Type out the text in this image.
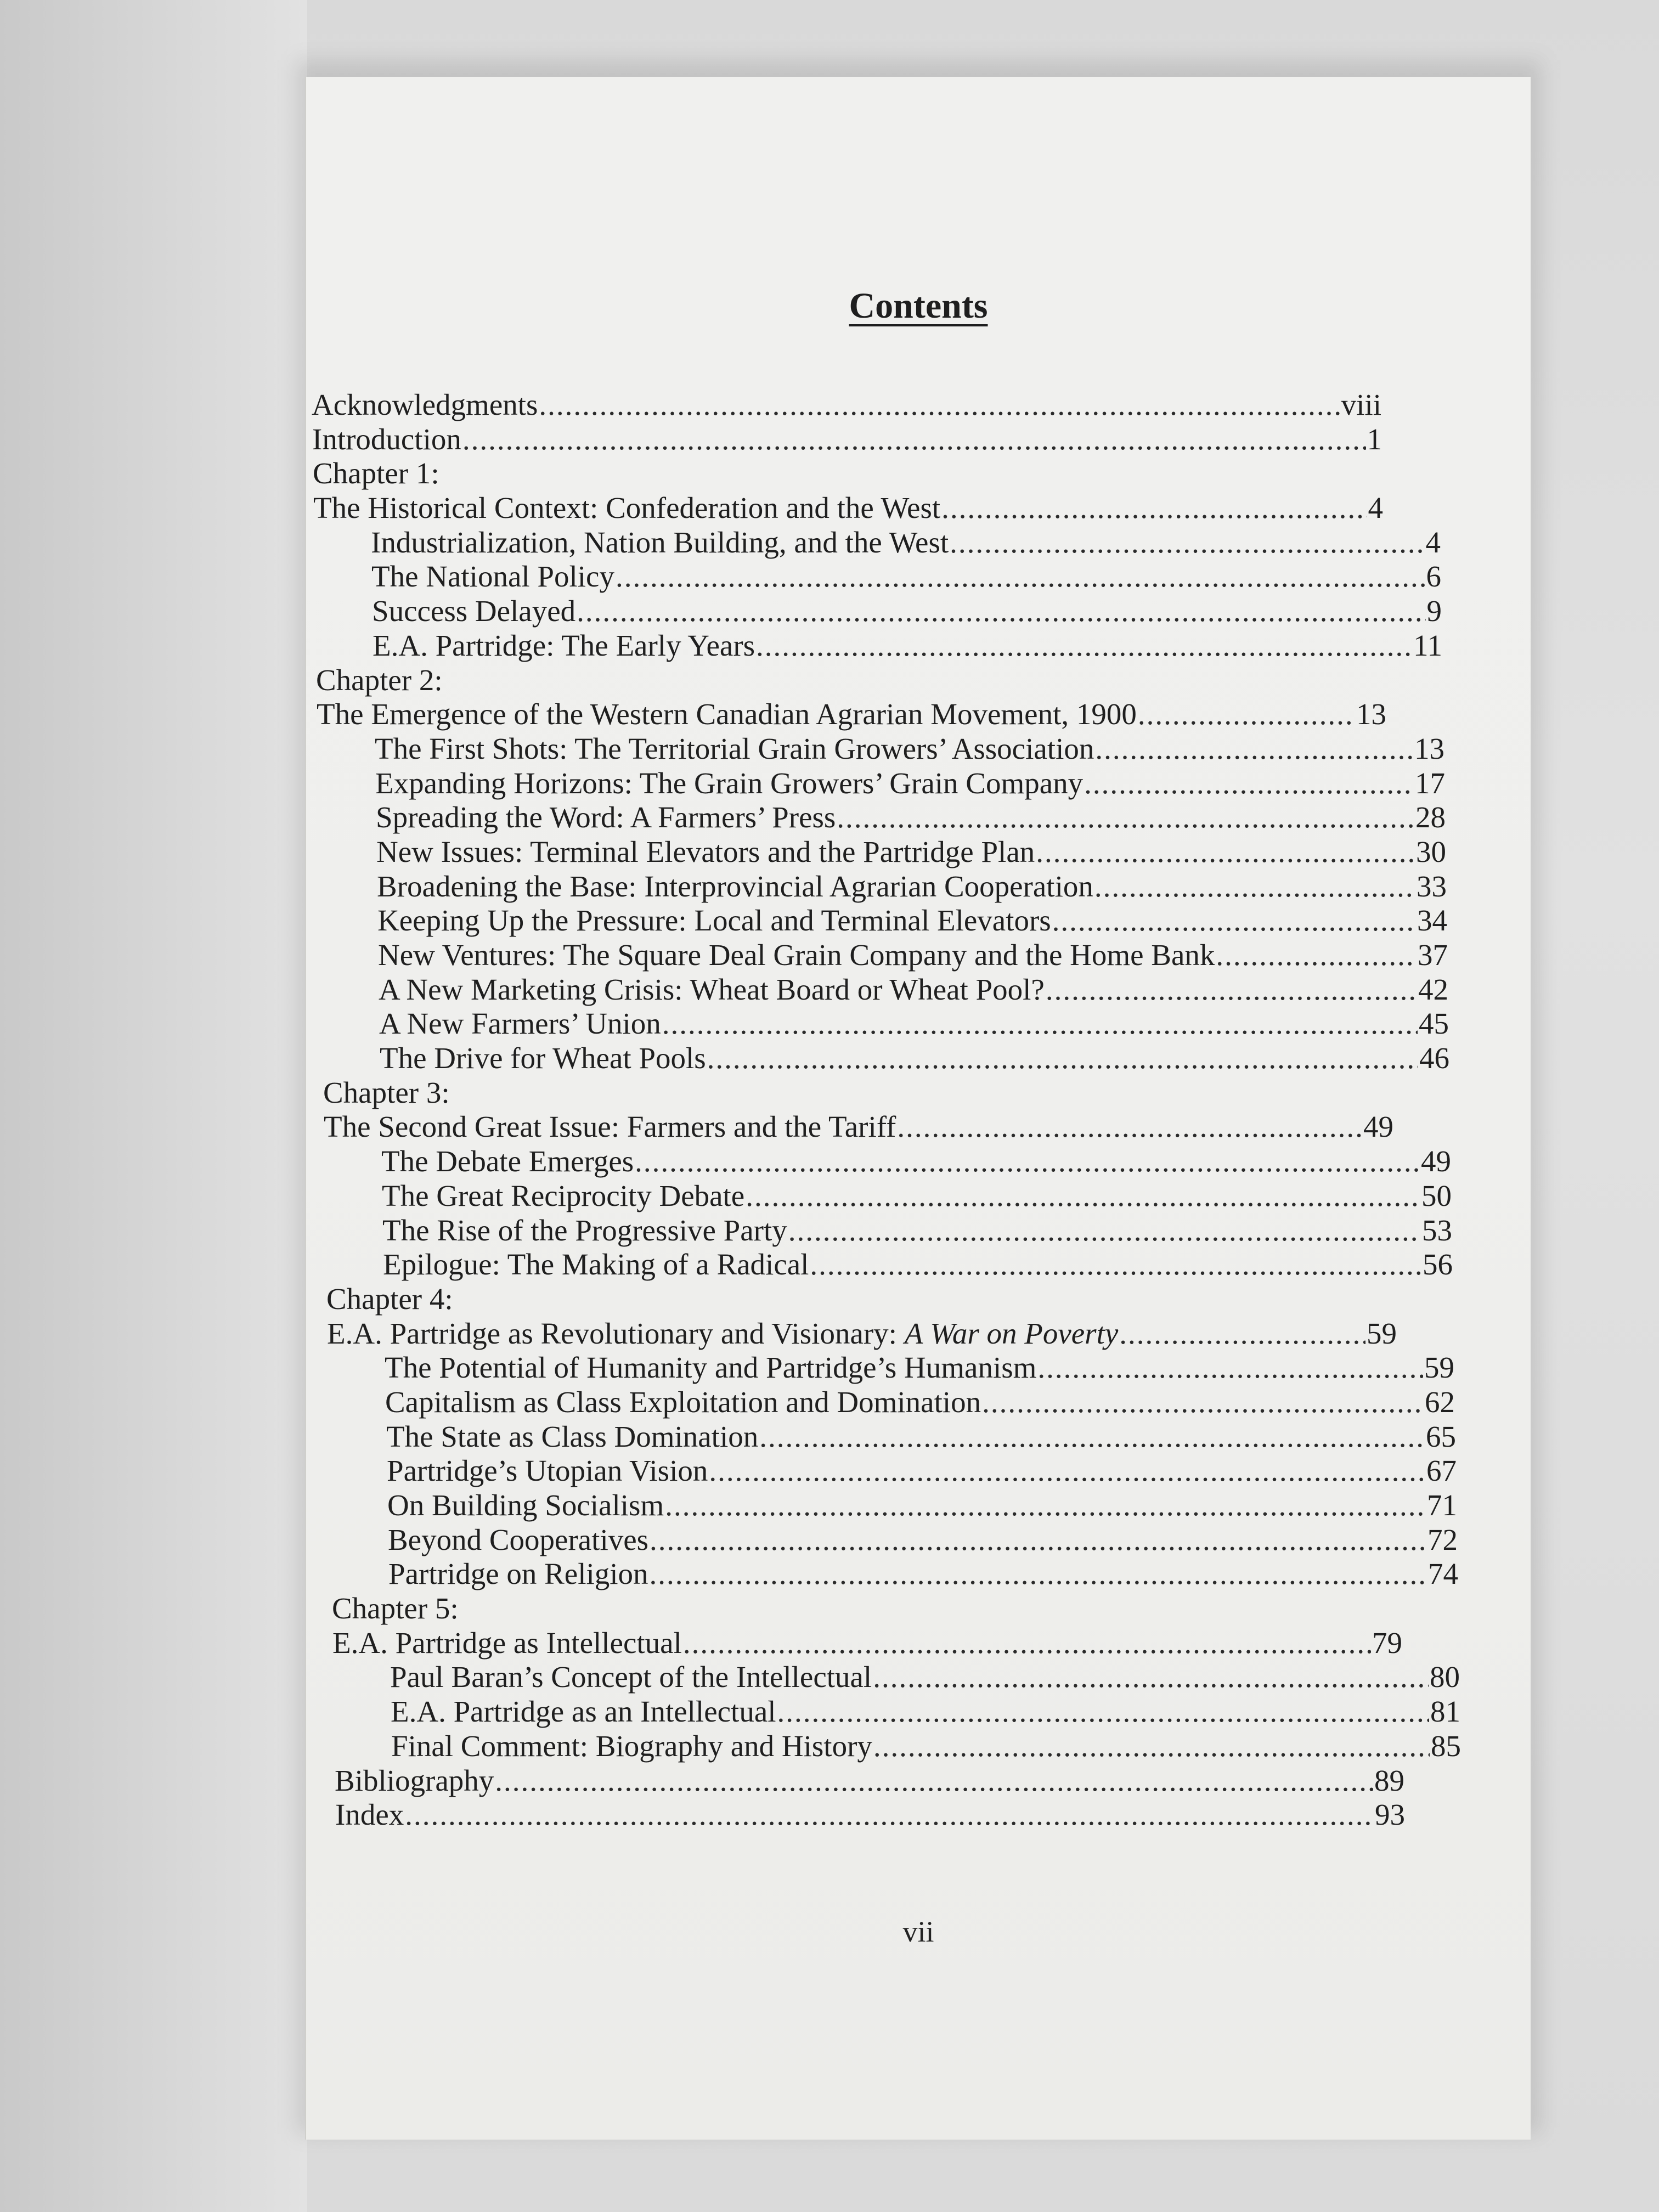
Contents
Acknowledgments .....	viii
Introduction .....	1
Chapter 1:
The Historical Context: Confederation and the West .....	4
Industrialization, Nation Building, and the West .....	4
The National Policy .....	6
Success Delayed .....	9
E.A. Partridge: The Early Years .....	11
Chapter 2:
The Emergence of the Western Canadian Agrarian Movement, 1900 .....	13
The First Shots: The Territorial Grain Growers’ Association .....	13
Expanding Horizons: The Grain Growers’ Grain Company .....	17
Spreading the Word: A Farmers’ Press .....	28
New Issues: Terminal Elevators and the Partridge Plan .....	30
Broadening the Base: Interprovincial Agrarian Cooperation .....	33
Keeping Up the Pressure: Local and Terminal Elevators .....	34
New Ventures: The Square Deal Grain Company and the Home Bank .....	37
A New Marketing Crisis: Wheat Board or Wheat Pool? .....	42
A New Farmers’ Union .....	45
The Drive for Wheat Pools .....	46
Chapter 3:
The Second Great Issue: Farmers and the Tariff .....	49
The Debate Emerges .....	49
The Great Reciprocity Debate .....	50
The Rise of the Progressive Party .....	53
Epilogue: The Making of a Radical .....	56
Chapter 4:
E.A. Partridge as Revolutionary and Visionary: A War on Poverty .....	59
The Potential of Humanity and Partridge’s Humanism .....	59
Capitalism as Class Exploitation and Domination .....	62
The State as Class Domination .....	65
Partridge’s Utopian Vision .....	67
On Building Socialism .....	71
Beyond Cooperatives .....	72
Partridge on Religion .....	74
Chapter 5:
E.A. Partridge as Intellectual .....	79
Paul Baran’s Concept of the Intellectual .....	80
E.A. Partridge as an Intellectual .....	81
Final Comment: Biography and History .....	85
Bibliography .....	89
Index .....	93
vii
